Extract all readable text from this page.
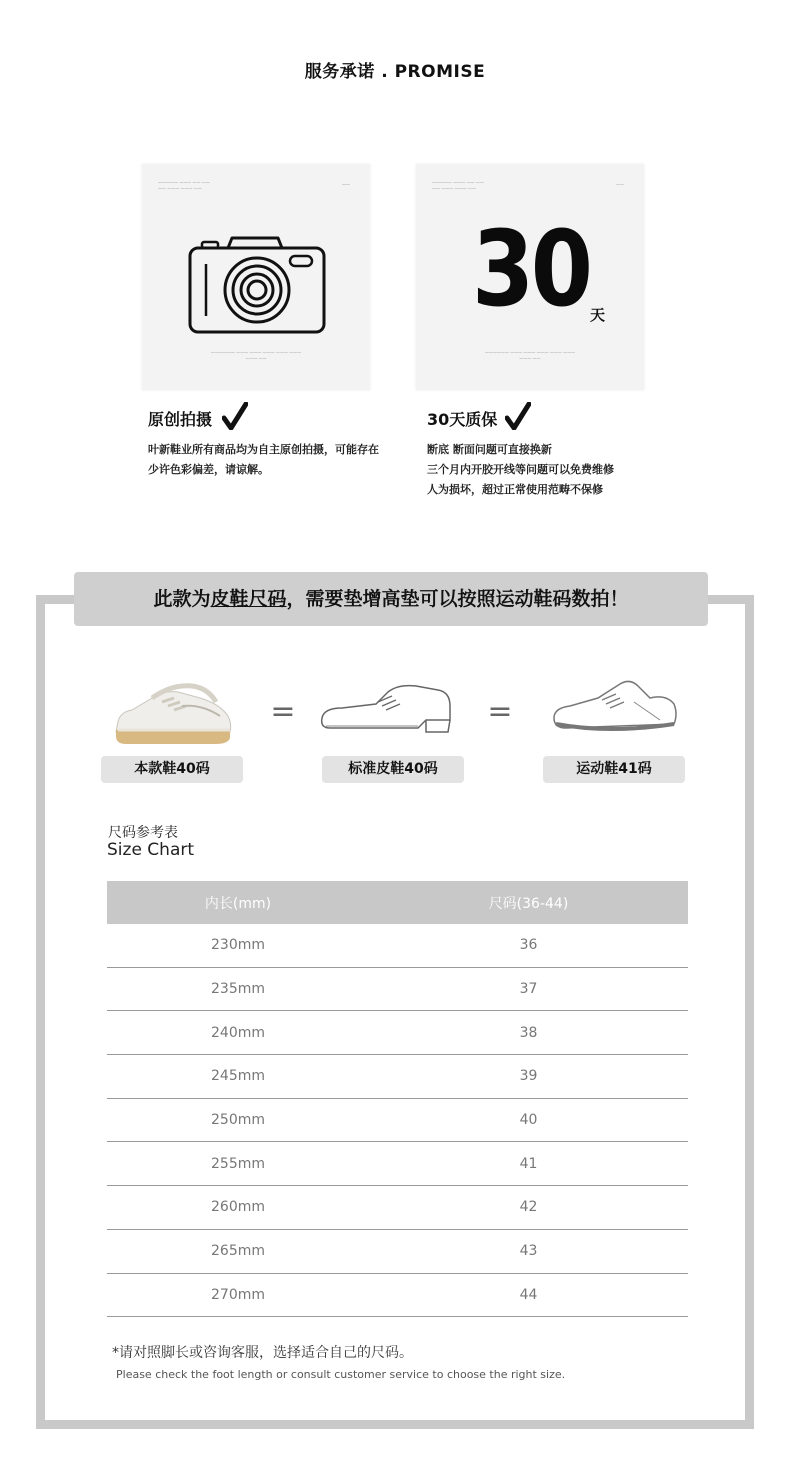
服务承诺 . PROMISE
————— ——— —— ——
—— ——— ——— ——
——
—————— ——— ——— ——— ——— ———
——— ——
————— ——— —— ——
—— ——— ——— ——
——
30 天
—————— ——— ——— ——— ——— ———
——— ——
原创拍摄
叶新鞋业所有商品均为自主原创拍摄，可能存在
少许色彩偏差，请谅解。
30天质保
断底 断面问题可直接换新
三个月内开胶开线等问题可以免费维修
人为损坏，超过正常使用范畴不保修
此款为皮鞋尺码，需要垫增高垫可以按照运动鞋码数拍！
=	=
本款鞋40码	标准皮鞋40码	运动鞋41码
尺码参考表
Size Chart
内长(mm)	尺码(36-44)
230mm	36
235mm	37
240mm	38
245mm	39
250mm	40
255mm	41
260mm	42
265mm	43
270mm	44
*请对照脚长或咨询客服，选择适合自己的尺码。
Please check the foot length or consult customer service to choose the right size.
